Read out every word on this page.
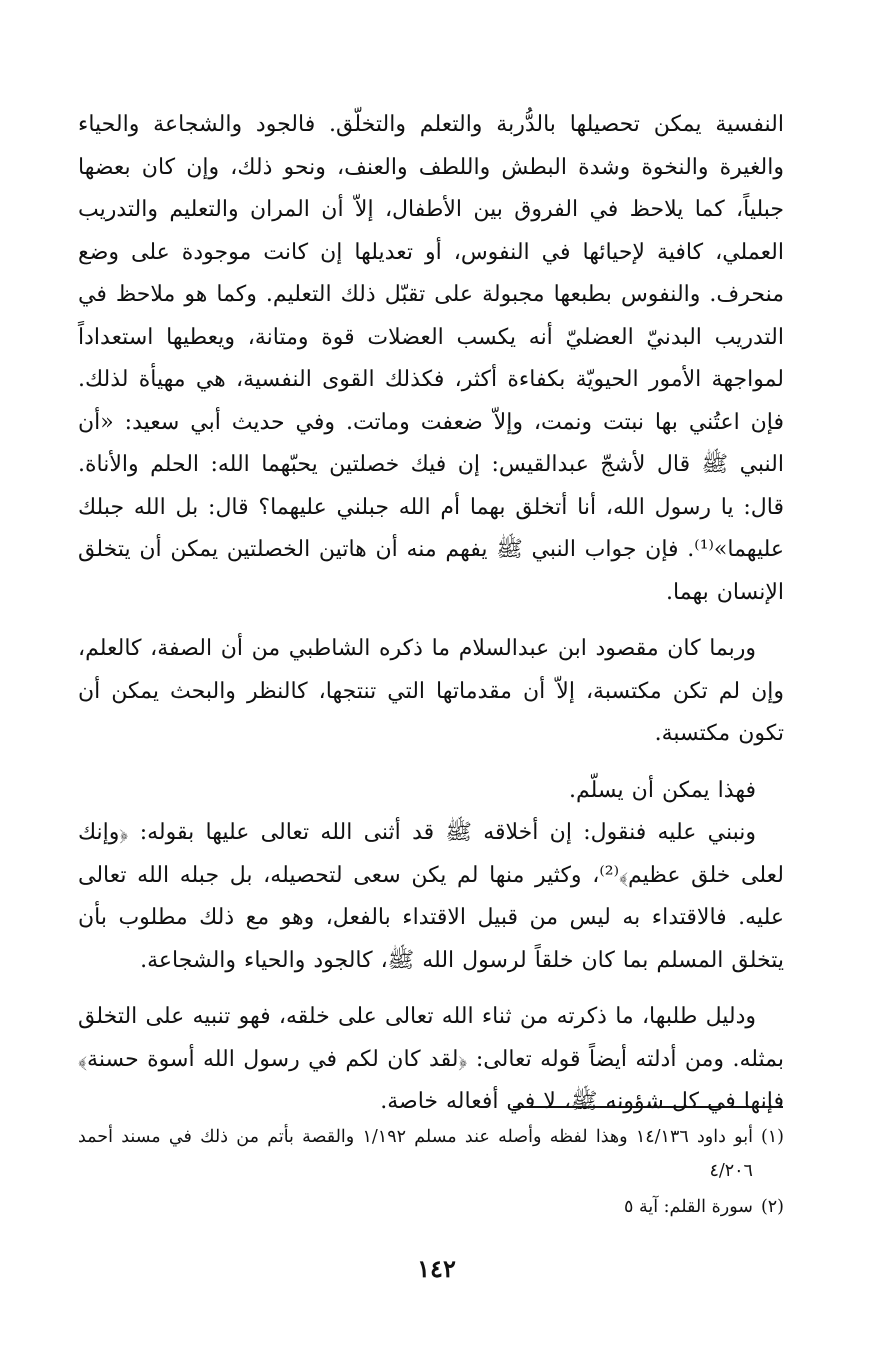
النفسية يمكن تحصيلها بالدُّربة والتعلم والتخلّق. فالجود والشجاعة والحياء والغيرة والنخوة وشدة البطش واللطف والعنف، ونحو ذلك، وإن كان بعضها جبلياً، كما يلاحظ في الفروق بين الأطفال، إلاّ أن المران والتعليم والتدريب العملي، كافية لإحيائها في النفوس، أو تعديلها إن كانت موجودة على وضع منحرف. والنفوس بطبعها مجبولة على تقبّل ذلك التعليم. وكما هو ملاحظ في التدريب البدنيّ العضليّ أنه يكسب العضلات قوة ومتانة، ويعطيها استعداداً لمواجهة الأمور الحيويّة بكفاءة أكثر، فكذلك القوى النفسية، هي مهيأة لذلك. فإن اعتُني بها نبتت ونمت، وإلاّ ضعفت وماتت. وفي حديث أبي سعيد: «أن النبي ﷺ قال لأشجّ عبدالقيس: إن فيك خصلتين يحبّهما الله: الحلم والأناة. قال: يا رسول الله، أنا أتخلق بهما أم الله جبلني عليهما؟ قال: بل الله جبلك عليهما»⁽¹⁾. فإن جواب النبي ﷺ يفهم منه أن هاتين الخصلتين يمكن أن يتخلق الإنسان بهما.

وربما كان مقصود ابن عبدالسلام ما ذكره الشاطبي من أن الصفة، كالعلم، وإن لم تكن مكتسبة، إلاّ أن مقدماتها التي تنتجها، كالنظر والبحث يمكن أن تكون مكتسبة.

فهذا يمكن أن يسلّم.

ونبني عليه فنقول: إن أخلاقه ﷺ قد أثنى الله تعالى عليها بقوله: ﴿وإنك لعلى خلق عظيم﴾⁽²⁾، وكثير منها لم يكن سعى لتحصيله، بل جبله الله تعالى عليه. فالاقتداء به ليس من قبيل الاقتداء بالفعل، وهو مع ذلك مطلوب بأن يتخلق المسلم بما كان خلقاً لرسول الله ﷺ، كالجود والحياء والشجاعة.

ودليل طلبها، ما ذكرته من ثناء الله تعالى على خلقه، فهو تنبيه على التخلق بمثله. ومن أدلته أيضاً قوله تعالى: ﴿لقد كان لكم في رسول الله أسوة حسنة﴾ فإنها في كل شؤونه ﷺ، لا في أفعاله خاصة.

(١)
أبو داود ١٤/١٣٦ وهذا لفظه وأصله عند مسلم ١/١٩٢ والقصة بأتم من ذلك في مسند أحمد ٤/٢٠٦
(٢)
سورة القلم: آية ٥
١٤٢
